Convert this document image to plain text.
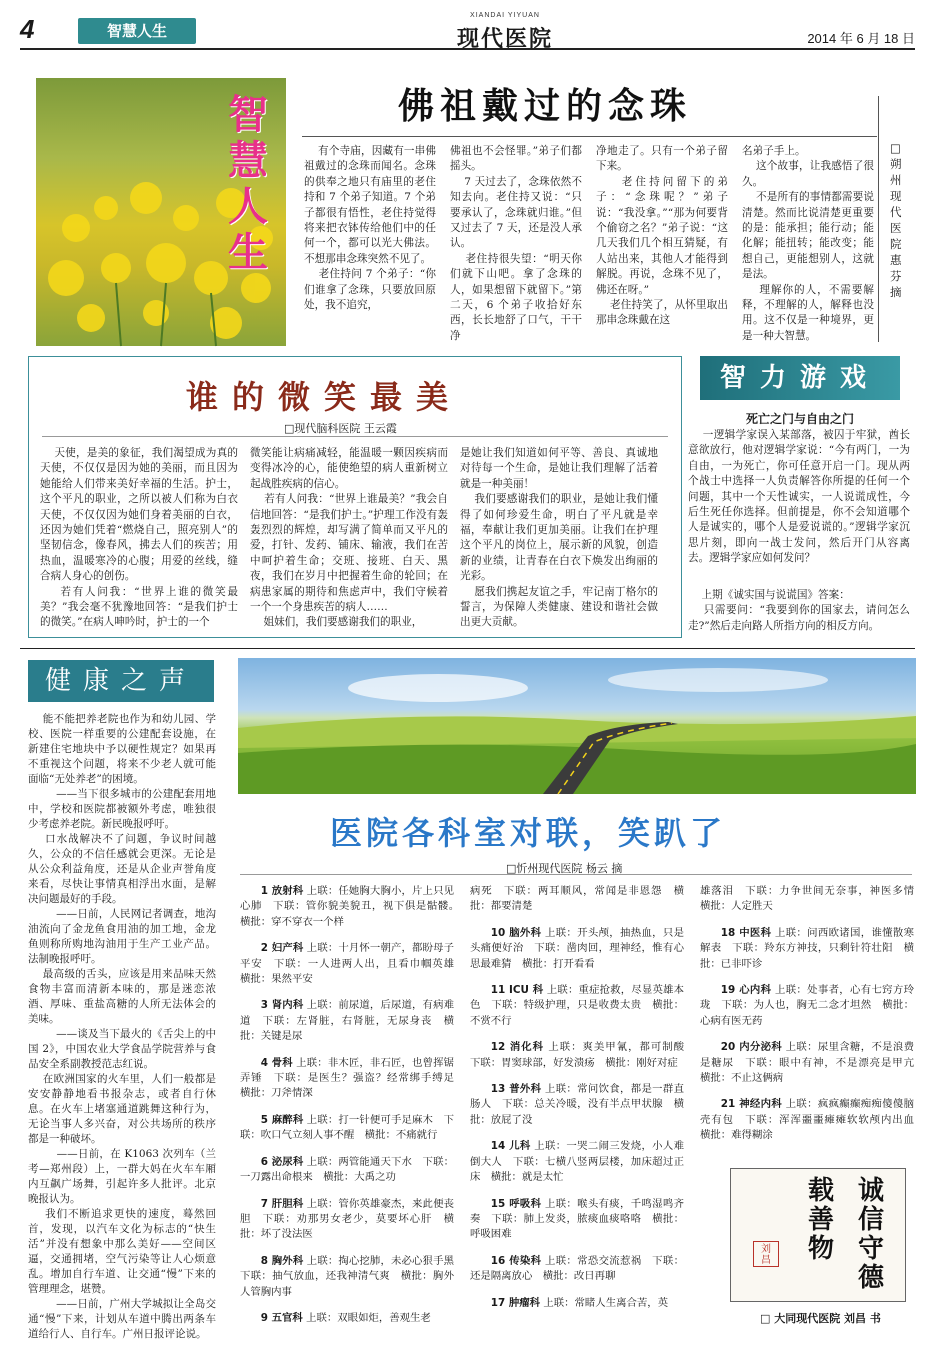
4	智慧人生
XIANDAI YIYUAN
现代医院	2014 年 6 月 18 日
智慧人生
佛祖戴过的念珠
□朔州现代医院 惠芬 摘
有个寺庙，因藏有一串佛祖戴过的念珠而闻名。念珠的供奉之地只有庙里的老住持和 7 个弟子知道。7 个弟子都很有悟性，老住持觉得将来把衣钵传给他们中的任何一个，都可以光大佛法。不想那串念珠突然不见了。
老住持问 7 个弟子：“你们谁拿了念珠，只要放回原处，我不追究，
佛祖也不会怪罪。”弟子们都摇头。
7 天过去了，念珠依然不知去向。老住持又说：“只要承认了，念珠就归谁。”但又过去了 7 天，还是没人承认。
老住持很失望：“明天你们就下山吧。拿了念珠的人，如果想留下就留下。”第二天，6 个弟子收拾好东西，长长地舒了口气，干干净
净地走了。只有一个弟子留下来。
老住持问留下的弟子：“念珠呢？”弟子说：“我没拿。”“那为何要背个偷窃之名？”弟子说：“这几天我们几个相互猜疑，有人站出来，其他人才能得到解脱。再说，念珠不见了，佛还在呀。”
老住持笑了，从怀里取出那串念珠戴在这
名弟子手上。
这个故事，让我感悟了很久。
不是所有的事情都需要说清楚。然而比说清楚更重要的是：能承担；能行动；能化解；能扭转；能改变；能想自己，更能想别人，这就是法。
理解你的人，不需要解释，不理解的人，解释也没用。这不仅是一种境界，更是一种大智慧。
谁的微笑最美
□现代脑科医院 王云霞
天使，是美的象征，我们渴望成为真的天使，不仅仅是因为她的美丽，而且因为她能给人们带来美好幸福的生活。护士，这个平凡的职业，之所以被人们称为白衣天使，不仅仅因为她们身着美丽的白衣，还因为她们凭着“燃烧自己，照亮别人”的坚韧信念，像春风，拂去人们的疾苦；用热血，温暖寒冷的心腹；用爱的丝线，缝合病人身心的创伤。
若有人问我：“世界上谁的微笑最美？”我会毫不犹豫地回答：“是我们护士的微笑。”在病人呻吟时，护士的一个
微笑能让病痛减轻，能温暖一颗因疾病而变得冰冷的心，能使绝望的病人重新树立起战胜疾病的信心。
若有人问我：“世界上谁最美？”我会自信地回答：“是我们护士。”护理工作没有轰轰烈烈的辉煌，却写满了简单而又平凡的爱，打针、发药、铺床、输液，我们在苦中呵护着生命；交班、接班、白天、黑夜，我们在岁月中把握着生命的轮回；在病患家属的期待和焦虑声中，我们守候着一个一个身患疾苦的病人……
姐妹们，我们要感谢我们的职业，
是她让我们知道如何平等、善良、真诚地对待每一个生命，是她让我们理解了活着就是一种美丽！
我们要感谢我们的职业，是她让我们懂得了如何珍爱生命，明白了平凡就是幸福，奉献让我们更加美丽。让我们在护理这个平凡的岗位上，展示新的风貌，创造新的业绩，让青春在白衣下焕发出绚丽的光彩。
愿我们携起友谊之手，牢记南丁格尔的誓言，为保障人类健康、建设和谐社会做出更大贡献。
智力游戏
死亡之门与自由之门
一逻辑学家误入某部落，被囚于牢狱，酋长意欲放行，他对逻辑学家说：“今有两门，一为自由，一为死亡，你可任意开启一门。现从两个战士中选择一人负责解答你所提的任何一个问题，其中一个天性诚实，一人说谎成性，今后生死任你选择。但前提是，你不会知道哪个人是诚实的，哪个人是爱说谎的。”逻辑学家沉思片刻，即向一战士发问，然后开门从容离去。逻辑学家应如何发问？
上期《诚实国与说谎国》答案：
只需要问：“我要到你的国家去，请问怎么走?”然后走向路人所指方向的相反方向。
健康之声
能不能把养老院也作为和幼儿园、学校、医院一样重要的公建配套设施，在新建住宅地块中予以硬性规定？如果再不重视这个问题，将来不少老人就可能面临“无处养老”的困境。
——当下很多城市的公建配套用地中，学校和医院都被额外考虑，唯独很少考虑养老院。新民晚报呼吁。
口水战解决不了问题，争议时间越久，公众的不信任感就会更深。无论是从公众利益角度，还是从企业声誉角度来看，尽快让事情真相浮出水面，是解决问题最好的手段。
——日前，人民网记者调查，地沟油流向了金龙鱼食用油的加工地，金龙鱼则称所购地沟油用于生产工业产品。法制晚报呼吁。
最高级的舌头，应该是用来品味天然食物丰富而清新本味的，那是迷恋浓酒、厚味、重盐高糖的人所无法体会的美味。
——谈及当下最火的《舌尖上的中国 2》，中国农业大学食品学院营养与食品安全系副教授范志红说。
在欧洲国家的火车里，人们一般都是安安静静地看书报杂志，或者自行休息。在火车上堵塞通道跳舞这种行为，无论当事人多兴奋，对公共场所的秩序都是一种破坏。
——日前，在 K1063 次列车（兰考—郑州段）上，一群大妈在火车车厢内互飙广场舞，引起许多人批评。北京晚报认为。
我们不断追求更快的速度，蓦然回首，发现，以汽车文化为标志的“快生活”并没有想象中那么美好——空间区逼，交通拥堵，空气污染等让人心烦意乱。增加自行车道、让交通“慢”下来的管理理念，堪赞。
——日前，广州大学城拟让全岛交通“慢”下来，计划从车道中腾出两条车道给行人、自行车。广州日报评论说。
医院各科室对联，笑趴了
□忻州现代医院 杨云 摘
1 放射科 上联：任她胸大胸小，片上只见心肺　下联：管你貌美貌丑，视下俱是骷髅。　横批：穿不穿衣一个样
2 妇产科 上联：十月怀一朝产，都盼母子平安　下联：一人进两人出，且看巾帼英雄　横批：果然平安
3 肾内科 上联：前尿道，后尿道，有病难道　下联：左肾脏，右肾脏，无尿身丧　横批：关键是尿
4 骨科 上联：非木匠，非石匠，也曾挥锯弄锤　下联：是医生？强盗？经常绑手缚足　横批：刀斧情深
5 麻醉科 上联：打一针便可手足麻木　下联：吹口气立刻人事不醒　横批：不痛就行
6 泌尿科 上联：两管能通天下水　下联：一刀露出命根来　横批：大禹之功
7 肝胆科 上联：管你英雄豪杰，来此便丧胆　下联：劝那男女老少，莫要坏心肝　横批：坏了没法医
8 胸外科 上联：掏心挖肺，未必心狠手黑　下联：抽气放血，还我神清气爽　横批：胸外人管胸内事
9 五官科 上联：双眼如炬，善观生老
病死　下联：两耳顺风，常闻是非恩怨　横批：都要清楚
10 脑外科 上联：开头颅，抽热血，只是头痛便好治　下联：凿肉回，理神经，惟有心思最难猜　横批：打开看看
11 ICU 科 上联：重症抢救，尽显英雄本色　下联：特级护理，只是收费太贵　横批：不赏不行
12 消化科 上联：爽美甲氰，都可制酸　下联：胃窦球部，好发溃疡　横批：刚好对症
13 普外科 上联：常问饮食，都是一群直肠人　下联：总关冷暖，没有半点甲状腺　横批：放屁了没
14 儿科 上联：一哭二闹三发烧，小人难倒大人　下联：七横八竖两层楼，加床超过正床　横批：就是太忙
15 呼吸科 上联：喉头有痰，千鸣湿鸣齐奏　下联：肺上发炎，脓痰血痰咯咯　横批：呼吸困难
16 传染科 上联：常恐交流惹祸　下联：还是隔离放心　横批：改日再聊
17 肿瘤科 上联：常睹人生离合苦，英
雄落泪　下联：力争世间无奈事，神医多情　横批：人定胜天
18 中医科 上联：问西欧诸国，谁懂散寒解表　下联：羚东方神技，只剩针符壮阳　横批：已非吓诊
19 心内科 上联：处事者，心有七窍方玲珑　下联：为人也，胸无二念才坦然　横批：心病有医无药
20 内分泌科 上联：尿里含糖，不是浪费是糖尿　下联：眼中有神，不是漂亮是甲亢　横批：不止这俩病
21 神经内科 上联：疯疯癫癫痴痴傻傻脑壳有包　下联：浑浑噩噩瘫瘫软软颅内出血　横批：难得糊涂
诚
信
守
德
载
善
物
刘
昌
□ 大同现代医院 刘昌 书
